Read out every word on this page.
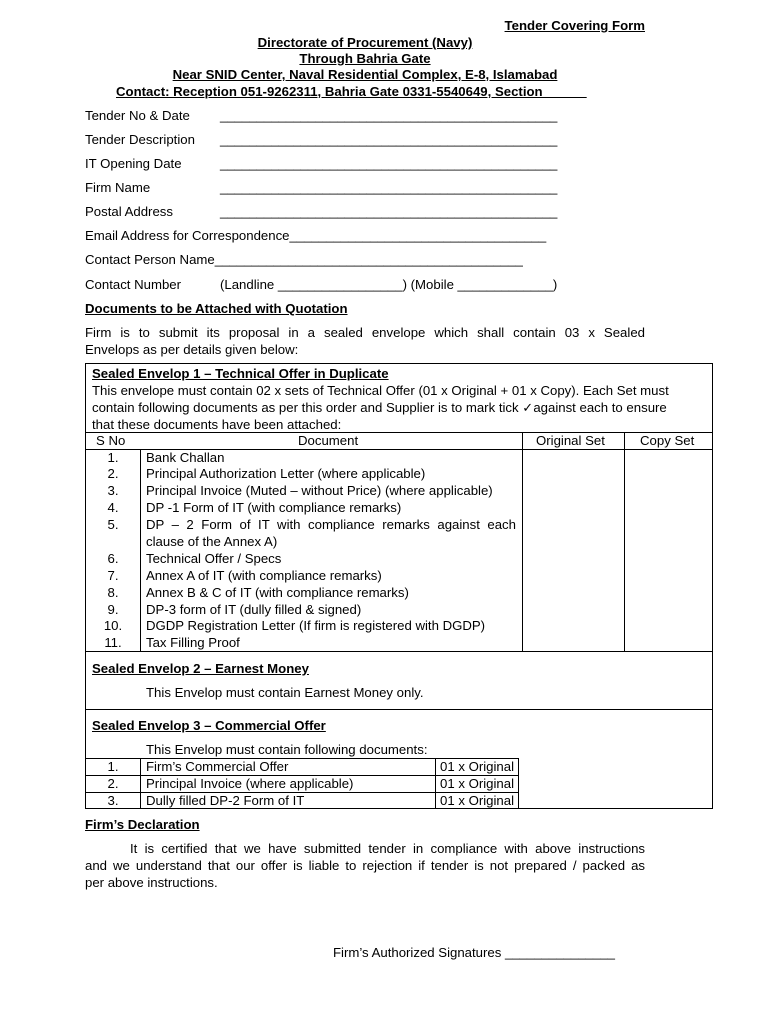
Tender Covering Form
Directorate of Procurement (Navy)
Through Bahria Gate
Near SNID Center, Naval Residential Complex, E-8, Islamabad
Contact: Reception 051-9262311, Bahria Gate 0331-5540649, Section______
Tender No & Date ______________________________________________
Tender Description ______________________________________________
IT Opening Date	______________________________________________
Firm Name	______________________________________________
Postal Address	______________________________________________
Email Address for Correspondence___________________________________
Contact Person Name__________________________________________
Contact Number	(Landline _________________) (Mobile _____________)
Documents to be Attached with Quotation
Firm is to submit its proposal in a sealed envelope which shall contain 03 x Sealed
Envelops as per details given below:
Sealed Envelop 1 – Technical Offer in Duplicate
This envelope must contain 02 x sets of Technical Offer (01 x Original + 01 x Copy). Each Set must
contain following documents as per this order and Supplier is to mark tick ✓against each to ensure
that these documents have been attached:
S No	Document	Original Set	Copy Set
1.	Bank Challan
2.	Principal Authorization Letter (where applicable)
3.	Principal Invoice (Muted – without Price) (where applicable)
4.	DP -1 Form of IT (with compliance remarks)
5.	DP – 2 Form of IT with compliance remarks against each
clause of the Annex A)
6.	Technical Offer / Specs
7.	Annex A of IT (with compliance remarks)
8.	Annex B & C of IT (with compliance remarks)
9.	DP-3 form of IT (dully filled & signed)
10.	DGDP Registration Letter (If firm is registered with DGDP)
11.	Tax Filling Proof
Sealed Envelop 2 – Earnest Money
This Envelop must contain Earnest Money only.
Sealed Envelop 3 – Commercial Offer
This Envelop must contain following documents:
1.	Firm’s Commercial Offer	01 x Original
2.	Principal Invoice (where applicable)	01 x Original
3.	Dully filled DP-2 Form of IT	01 x Original
Firm’s Declaration
It is certified that we have submitted tender in compliance with above instructions
and we understand that our offer is liable to rejection if tender is not prepared / packed as
per above instructions.
Firm’s Authorized Signatures _______________
